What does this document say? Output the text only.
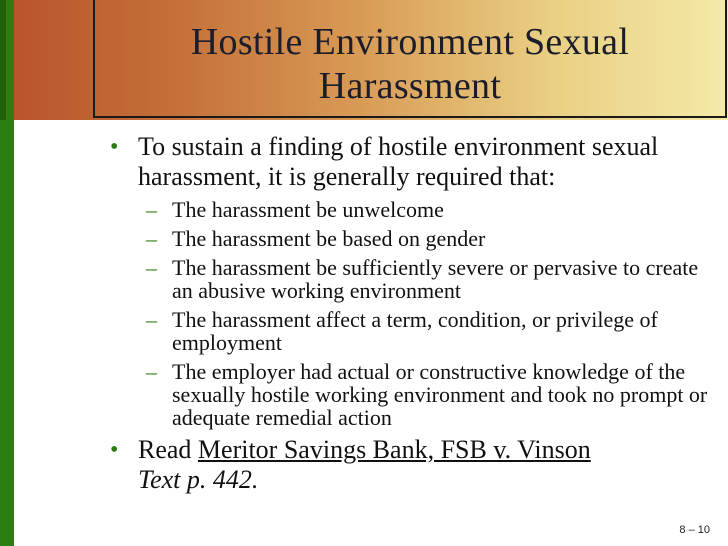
Hostile Environment Sexual Harassment
• To sustain a finding of hostile environment sexual harassment, it is generally required that:
– The harassment be unwelcome
– The harassment be based on gender
– The harassment be sufficiently severe or pervasive to create an abusive working environment
– The harassment affect a term, condition, or privilege of employment
– The employer had actual or constructive knowledge of the sexually hostile working environment and took no prompt or adequate remedial action
• Read Meritor Savings Bank, FSB v. Vinson
Text p. 442.
8 – 10
